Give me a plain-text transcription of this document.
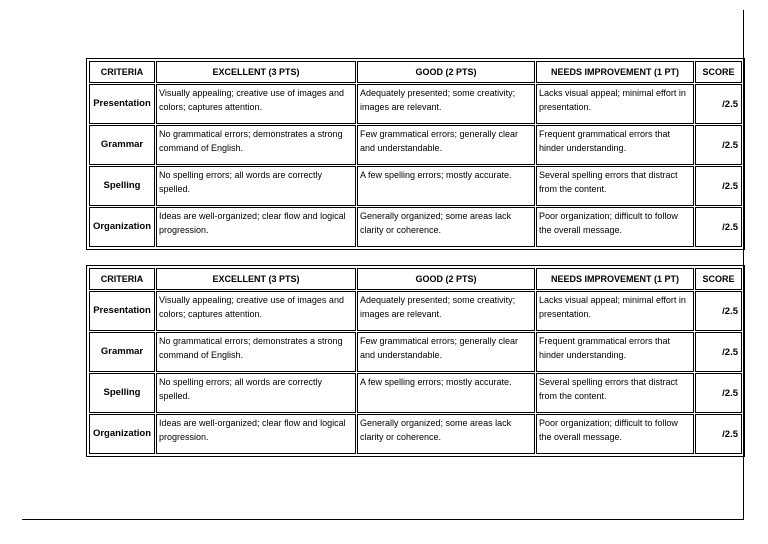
CRITERIA	EXCELLENT (3 PTS)	GOOD (2 PTS)	NEEDS IMPROVEMENT (1 PT)	SCORE
Presentation	Visually appealing; creative use of images and colors; captures attention.	Adequately presented; some creativity; images are relevant.	Lacks visual appeal; minimal effort in presentation.	/2.5
Grammar	No grammatical errors; demonstrates a strong command of English.	Few grammatical errors; generally clear and understandable.	Frequent grammatical errors that hinder understanding.	/2.5
Spelling	No spelling errors; all words are correctly spelled.	A few spelling errors; mostly accurate.	Several spelling errors that distract from the content.	/2.5
Organization	Ideas are well-organized; clear flow and logical progression.	Generally organized; some areas lack clarity or coherence.	Poor organization; difficult to follow the overall message.	/2.5
CRITERIA	EXCELLENT (3 PTS)	GOOD (2 PTS)	NEEDS IMPROVEMENT (1 PT)	SCORE
Presentation	Visually appealing; creative use of images and colors; captures attention.	Adequately presented; some creativity; images are relevant.	Lacks visual appeal; minimal effort in presentation.	/2.5
Grammar	No grammatical errors; demonstrates a strong command of English.	Few grammatical errors; generally clear and understandable.	Frequent grammatical errors that hinder understanding.	/2.5
Spelling	No spelling errors; all words are correctly spelled.	A few spelling errors; mostly accurate.	Several spelling errors that distract from the content.	/2.5
Organization	Ideas are well-organized; clear flow and logical progression.	Generally organized; some areas lack clarity or coherence.	Poor organization; difficult to follow the overall message.	/2.5
